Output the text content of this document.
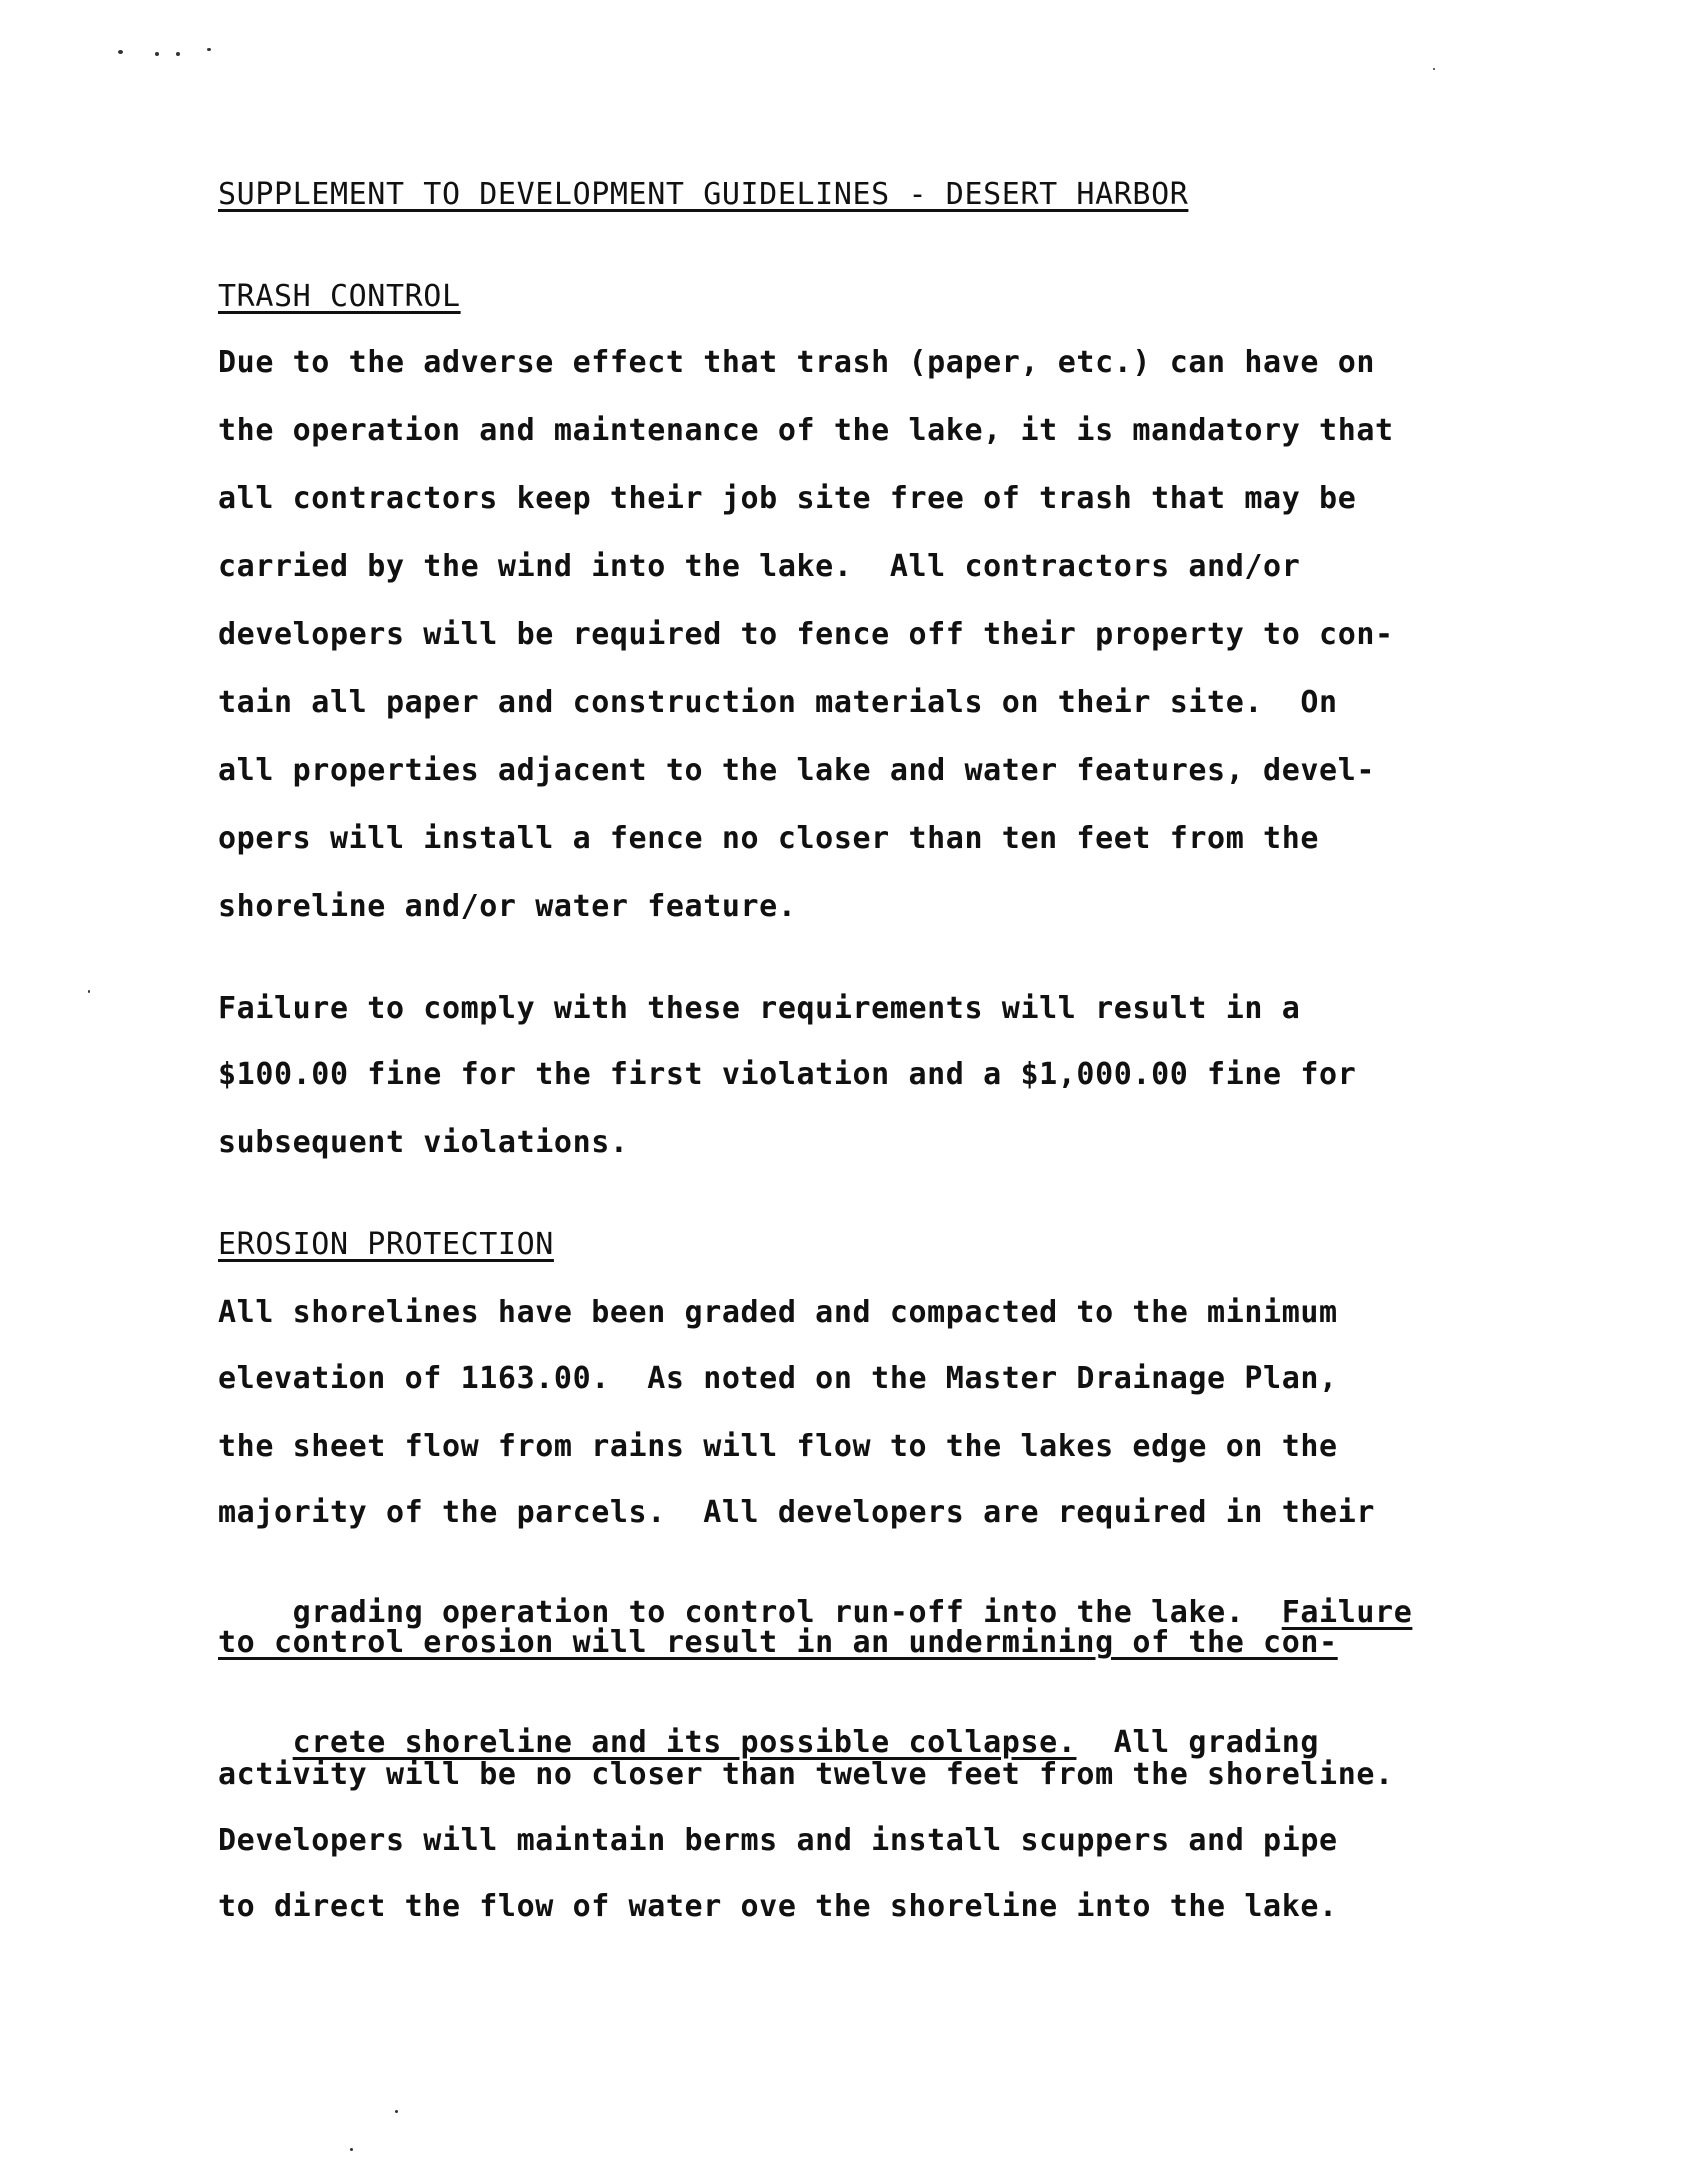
SUPPLEMENT TO DEVELOPMENT GUIDELINES - DESERT HARBOR
TRASH CONTROL
Due to the adverse effect that trash (paper, etc.) can have on
the operation and maintenance of the lake, it is mandatory that
all contractors keep their job site free of trash that may be
carried by the wind into the lake.  All contractors and/or
developers will be required to fence off their property to con-
tain all paper and construction materials on their site.  On
all properties adjacent to the lake and water features, devel-
opers will install a fence no closer than ten feet from the
shoreline and/or water feature.
Failure to comply with these requirements will result in a
$100.00 fine for the first violation and a $1,000.00 fine for
subsequent violations.
EROSION PROTECTION
All shorelines have been graded and compacted to the minimum
elevation of 1163.00.  As noted on the Master Drainage Plan,
the sheet flow from rains will flow to the lakes edge on the
majority of the parcels.  All developers are required in their

grading operation to control run-off into the lake.  Failure

to control erosion will result in an undermining of the con-

crete shoreline and its possible collapse.  All grading

activity will be no closer than twelve feet from the shoreline.
Developers will maintain berms and install scuppers and pipe
to direct the flow of water ove the shoreline into the lake.
